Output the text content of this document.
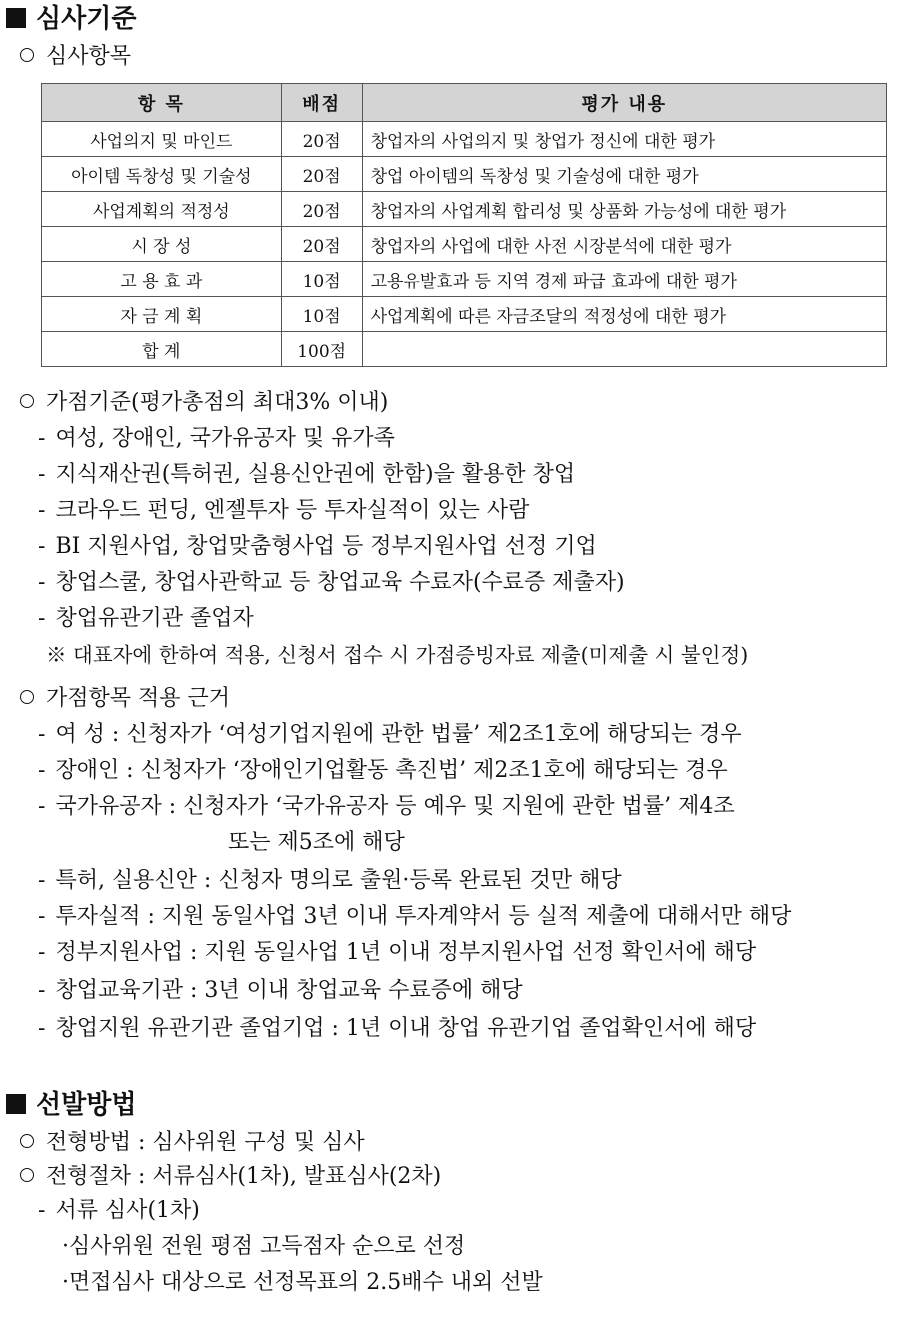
심사기준
심사항목
항 목	배점	평가 내용
사업의지 및 마인드	20점	창업자의 사업의지 및 창업가 정신에 대한 평가
아이템 독창성 및 기술성	20점	창업 아이템의 독창성 및 기술성에 대한 평가
사업계획의 적정성	20점	창업자의 사업계획 합리성 및 상품화 가능성에 대한 평가
시 장 성	20점	창업자의 사업에 대한 사전 시장분석에 대한 평가
고 용 효 과	10점	고용유발효과 등 지역 경제 파급 효과에 대한 평가
자 금 계 획	10점	사업계획에 따른 자금조달의 적정성에 대한 평가
합 계	100점	
가점기준(평가총점의 최대3% 이내)
- 여성, 장애인, 국가유공자 및 유가족
- 지식재산권(특허권, 실용신안권에 한함)을 활용한 창업
- 크라우드 펀딩, 엔젤투자 등 투자실적이 있는 사람
- BI 지원사업, 창업맞춤형사업 등 정부지원사업 선정 기업
- 창업스쿨, 창업사관학교 등 창업교육 수료자(수료증 제출자)
- 창업유관기관 졸업자
※ 대표자에 한하여 적용, 신청서 접수 시 가점증빙자료 제출(미제출 시 불인정)
가점항목 적용 근거
- 여 성 : 신청자가 ‘여성기업지원에 관한 법률’ 제2조1호에 해당되는 경우
- 장애인 : 신청자가 ‘장애인기업활동 촉진법’ 제2조1호에 해당되는 경우
- 국가유공자 : 신청자가 ‘국가유공자 등 예우 및 지원에 관한 법률’ 제4조
또는 제5조에 해당
- 특허, 실용신안 : 신청자 명의로 출원·등록 완료된 것만 해당
- 투자실적 : 지원 동일사업 3년 이내 투자계약서 등 실적 제출에 대해서만 해당
- 정부지원사업 : 지원 동일사업 1년 이내 정부지원사업 선정 확인서에 해당
- 창업교육기관 : 3년 이내 창업교육 수료증에 해당
- 창업지원 유관기관 졸업기업 : 1년 이내 창업 유관기업 졸업확인서에 해당
선발방법
전형방법 : 심사위원 구성 및 심사
전형절차 : 서류심사(1차), 발표심사(2차)
- 서류 심사(1차)
·심사위원 전원 평점 고득점자 순으로 선정
·면접심사 대상으로 선정목표의 2.5배수 내외 선발
